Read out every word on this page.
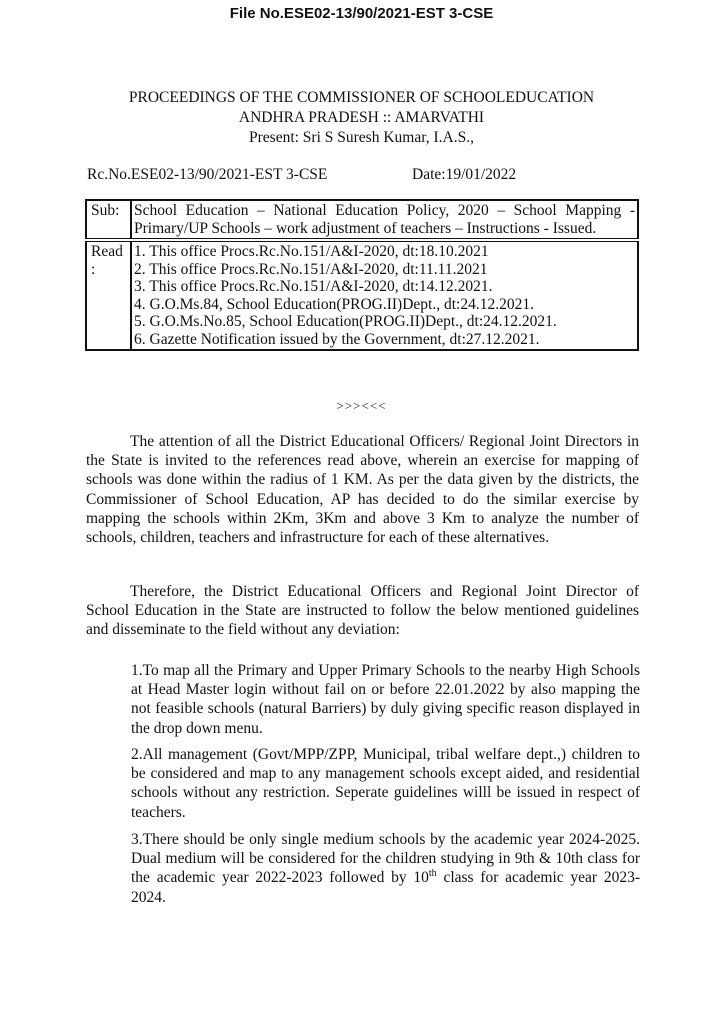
File No.ESE02-13/90/2021-EST 3-CSE
PROCEEDINGS OF THE COMMISSIONER OF SCHOOLEDUCATION
ANDHRA PRADESH :: AMARVATHI
Present: Sri S Suresh Kumar, I.A.S.,
Rc.No.ESE02-13/90/2021-EST 3-CSE	Date:19/01/2022
Sub:	School Education – National Education Policy, 2020 – School Mapping - Primary/UP Schools – work adjustment of teachers – Instructions - Issued.
Read :	
1. This office Procs.Rc.No.151/A&I-2020, dt:18.10.2021
2. This office Procs.Rc.No.151/A&I-2020, dt:11.11.2021
3. This office Procs.Rc.No.151/A&I-2020, dt:14.12.2021.
4. G.O.Ms.84, School Education(PROG.II)Dept., dt:24.12.2021.
5. G.O.Ms.No.85, School Education(PROG.II)Dept., dt:24.12.2021.
6. Gazette Notification issued by the Government, dt:27.12.2021.
>>><<<
The attention of all the District Educational Officers/ Regional Joint Directors in the State is invited to the references read above, wherein an exercise for mapping of schools was done within the radius of 1 KM. As per the data given by the districts, the Commissioner of School Education, AP has decided to do the similar exercise by mapping the schools within 2Km, 3Km and above 3 Km to analyze the number of schools, children, teachers and infrastructure for each of these alternatives.
Therefore, the District Educational Officers and Regional Joint Director of School Education in the State are instructed to follow the below mentioned guidelines and disseminate to the field without any deviation:
1.To map all the Primary and Upper Primary Schools to the nearby High Schools at Head Master login without fail on or before 22.01.2022 by also mapping the not feasible schools (natural Barriers) by duly giving specific reason displayed in the drop down menu.
2.All management (Govt/MPP/ZPP, Municipal, tribal welfare dept.,) children to be considered and map to any management schools except aided, and residential schools without any restriction. Seperate guidelines willl be issued in respect of teachers.
3.There should be only single medium schools by the academic year 2024-2025. Dual medium will be considered for the children studying in 9th & 10th class for the academic year 2022-2023 followed by 10th class for academic year 2023-2024.
